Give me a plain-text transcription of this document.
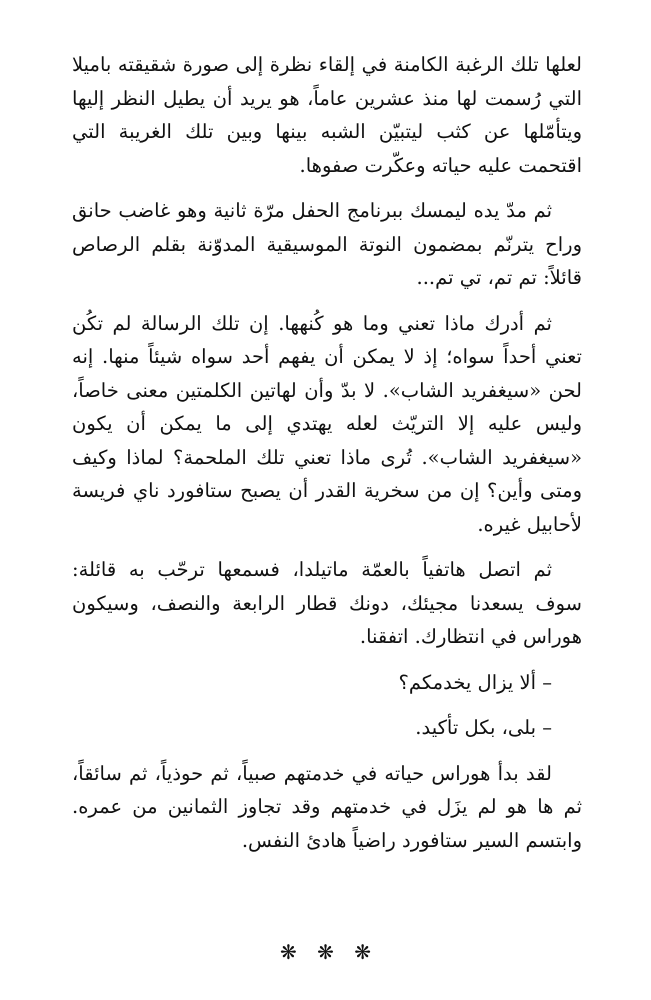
لعلها تلك الرغبة الكامنة في إلقاء نظرة إلى صورة شقيقته باميلا التي رُسمت لها منذ عشرين عاماً، هو يريد أن يطيل النظر إليها ويتأمّلها عن كثب ليتبيّن الشبه بينها وبين تلك الغريبة التي اقتحمت عليه حياته وعكّرت صفوها.

ثم مدّ يده ليمسك ببرنامج الحفل مرّة ثانية وهو غاضب حانق وراح يترنّم بمضمون النوتة الموسيقية المدوّنة بقلم الرصاص قائلاً: تم تم، تي تم...

ثم أدرك ماذا تعني وما هو كُنهها. إن تلك الرسالة لم تكُن تعني أحداً سواه؛ إذ لا يمكن أن يفهم أحد سواه شيئاً منها. إنه لحن «سيغفريد الشاب». لا بدّ وأن لهاتين الكلمتين معنى خاصاً، وليس عليه إلا التريّث لعله يهتدي إلى ما يمكن أن يكون «سيغفريد الشاب». تُرى ماذا تعني تلك الملحمة؟ لماذا وكيف ومتى وأين؟ إن من سخرية القدر أن يصبح ستافورد ناي فريسة لأحابيل غيره.

ثم اتصل هاتفياً بالعمّة ماتيلدا، فسمعها ترحّب به قائلة: سوف يسعدنا مجيئك، دونك قطار الرابعة والنصف، وسيكون هوراس في انتظارك. اتفقنا.

– ألا يزال يخدمكم؟

– بلى، بكل تأكيد.

لقد بدأ هوراس حياته في خدمتهم صبياً، ثم حوذياً، ثم سائقاً، ثم ها هو لم يزَل في خدمتهم وقد تجاوز الثمانين من عمره. وابتسم السير ستافورد راضياً هادئ النفس.

❋ ❋ ❋
